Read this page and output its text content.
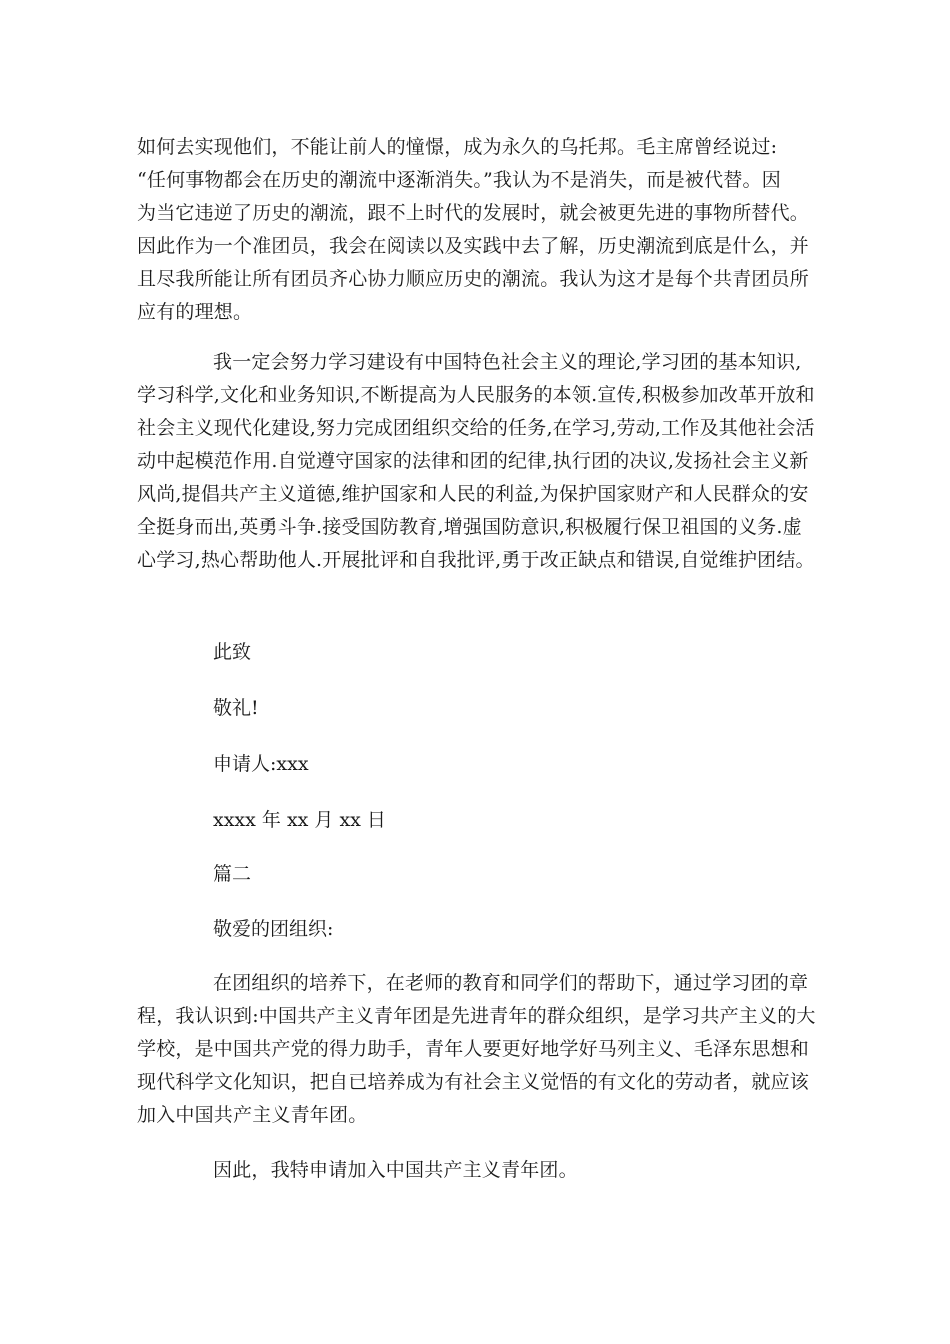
如何去实现他们，不能让前人的憧憬，成为永久的乌托邦。毛主席曾经说过:

“任何事物都会在历史的潮流中逐渐消失。”我认为不是消失，而是被代替。因

为当它违逆了历史的潮流，跟不上时代的发展时，就会被更先进的事物所替代。

因此作为一个准团员，我会在阅读以及实践中去了解，历史潮流到底是什么，并

且尽我所能让所有团员齐心协力顺应历史的潮流。我认为这才是每个共青团员所

应有的理想。

我一定会努力学习建设有中国特色社会主义的理论,学习团的基本知识,学习科学,文化和业务知识,不断提高为人民服务的本领.宣传,积极参加改革开放和社会主义现代化建设,努力完成团组织交给的任务,在学习,劳动,工作及其他社会活动中起模范作用.自觉遵守国家的法律和团的纪律,执行团的决议,发扬社会主义新风尚,提倡共产主义道德,维护国家和人民的利益,为保护国家财产和人民群众的安全挺身而出,英勇斗争.接受国防教育,增强国防意识,积极履行保卫祖国的义务.虚心学习,热心帮助他人.开展批评和自我批评,勇于改正缺点和错误,自觉维护团结。

此致

敬礼!

申请人:xxx

xxxx 年 xx 月 xx 日

篇二

敬爱的团组织:

在团组织的培养下，在老师的教育和同学们的帮助下，通过学习团的章程，我认识到:中国共产主义青年团是先进青年的群众组织，是学习共产主义的大学校，是中国共产党的得力助手，青年人要更好地学好马列主义、毛泽东思想和现代科学文化知识，把自已培养成为有社会主义觉悟的有文化的劳动者，就应该加入中国共产主义青年团。

因此，我特申请加入中国共产主义青年团。
